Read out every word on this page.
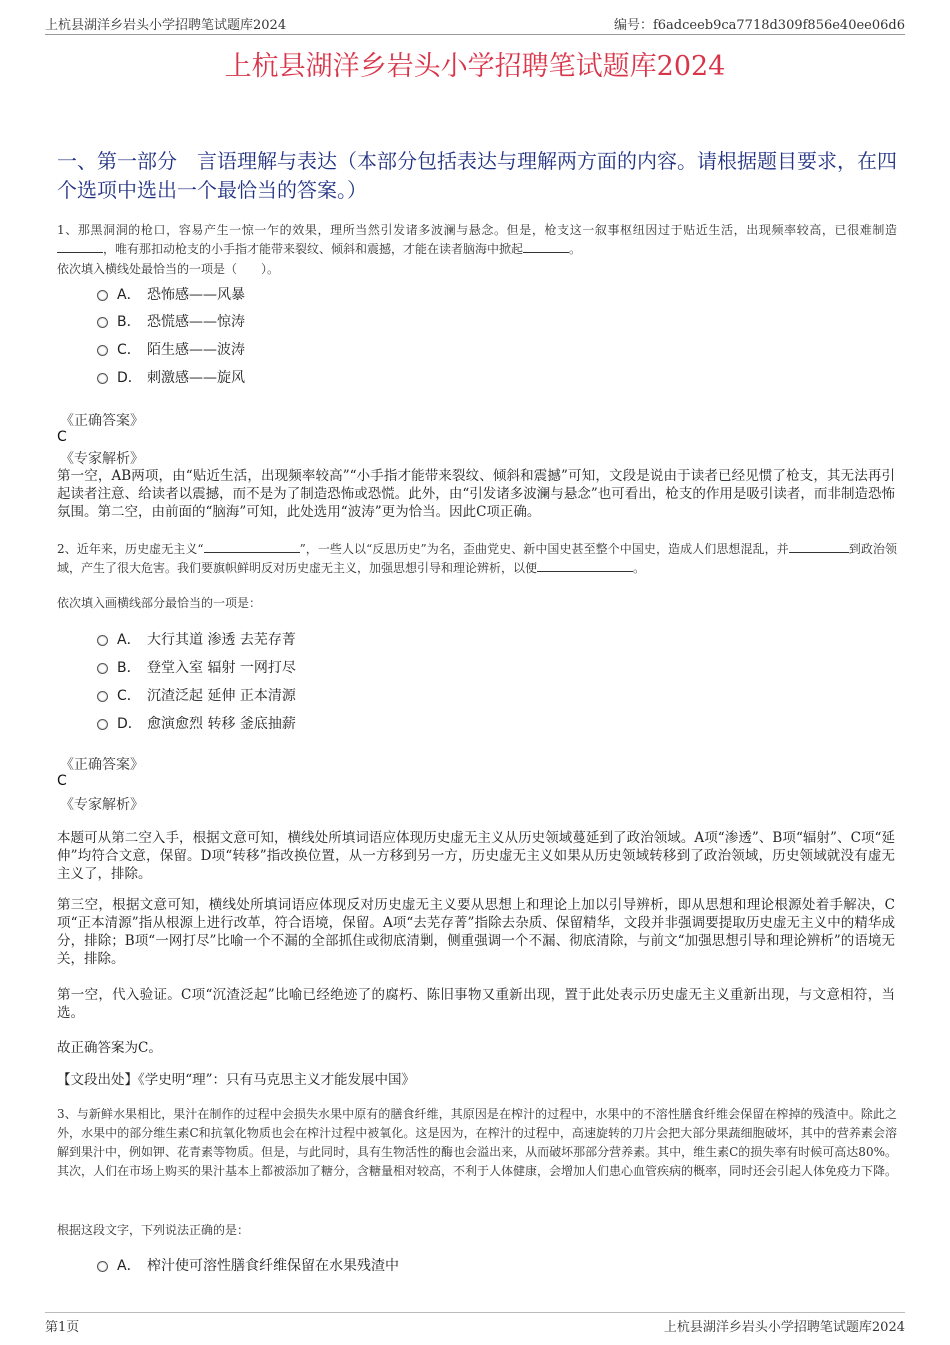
上杭县湖洋乡岩头小学招聘笔试题库2024	编号：f6adceeb9ca7718d309f856e40ee06d6
上杭县湖洋乡岩头小学招聘笔试题库2024
一、第一部分　言语理解与表达（本部分包括表达与理解两方面的内容。请根据题目要求，在四个选项中选出一个最恰当的答案。）
1、那黑洞洞的枪口，容易产生一惊一乍的效果，理所当然引发诸多波澜与悬念。但是，枪支这一叙事枢纽因过于贴近生活，出现频率较高，已很难制造，唯有那扣动枪支的小手指才能带来裂纹、倾斜和震撼，才能在读者脑海中掀起	。
依次填入横线处最恰当的一项是（　　）。
A． 恐怖感——风暴
B． 恐慌感——惊涛
C． 陌生感——波涛
D． 刺激感——旋风
《正确答案》
C
《专家解析》
第一空，AB两项，由“贴近生活，出现频率较高”“小手指才能带来裂纹、倾斜和震撼”可知，文段是说由于读者已经见惯了枪支，其无法再引起读者注意、给读者以震撼，而不是为了制造恐怖或恐慌。此外，由“引发诸多波澜与悬念”也可看出，枪支的作用是吸引读者，而非制造恐怖氛围。第二空，由前面的“脑海”可知，此处选用“波涛”更为恰当。因此C项正确。
2、近年来，历史虚无主义“	”，一些人以“反思历史”为名，歪曲党史、新中国史甚至整个中国史，造成人们思想混乱，并	到政治领域，产生了很大危害。我们要旗帜鲜明反对历史虚无主义，加强思想引导和理论辨析，以便	。
依次填入画横线部分最恰当的一项是：
A． 大行其道 渗透 去芜存菁
B． 登堂入室 辐射 一网打尽
C． 沉渣泛起 延伸 正本清源
D． 愈演愈烈 转移 釜底抽薪
《正确答案》
C
《专家解析》
本题可从第二空入手，根据文意可知，横线处所填词语应体现历史虚无主义从历史领域蔓延到了政治领域。A项“渗透”、B项“辐射”、C项“延伸”均符合文意，保留。D项“转移”指改换位置，从一方移到另一方，历史虚无主义如果从历史领域转移到了政治领域，历史领域就没有虚无主义了，排除。
第三空，根据文意可知，横线处所填词语应体现反对历史虚无主义要从思想上和理论上加以引导辨析，即从思想和理论根源处着手解决，C项“正本清源”指从根源上进行改革，符合语境，保留。A项“去芜存菁”指除去杂质、保留精华，文段并非强调要提取历史虚无主义中的精华成分，排除；B项“一网打尽”比喻一个不漏的全部抓住或彻底清剿，侧重强调一个不漏、彻底清除，与前文“加强思想引导和理论辨析”的语境无关，排除。
第一空，代入验证。C项“沉渣泛起”比喻已经绝迹了的腐朽、陈旧事物又重新出现，置于此处表示历史虚无主义重新出现，与文意相符，当选。
故正确答案为C。
【文段出处】《学史明“理”：只有马克思主义才能发展中国》
3、与新鲜水果相比，果汁在制作的过程中会损失水果中原有的膳食纤维，其原因是在榨汁的过程中，水果中的不溶性膳食纤维会保留在榨掉的残渣中。除此之外，水果中的部分维生素C和抗氧化物质也会在榨汁过程中被氧化。这是因为，在榨汁的过程中，高速旋转的刀片会把大部分果蔬细胞破坏，其中的营养素会溶解到果汁中，例如钾、花青素等物质。但是，与此同时，具有生物活性的酶也会溢出来，从而破坏那部分营养素。其中，维生素C的损失率有时候可高达80%。其次，人们在市场上购买的果汁基本上都被添加了糖分，含糖量相对较高，不利于人体健康，会增加人们患心血管疾病的概率，同时还会引起人体免疫力下降。
根据这段文字，下列说法正确的是：
A． 榨汁使可溶性膳食纤维保留在水果残渣中
第1页	上杭县湖洋乡岩头小学招聘笔试题库2024
